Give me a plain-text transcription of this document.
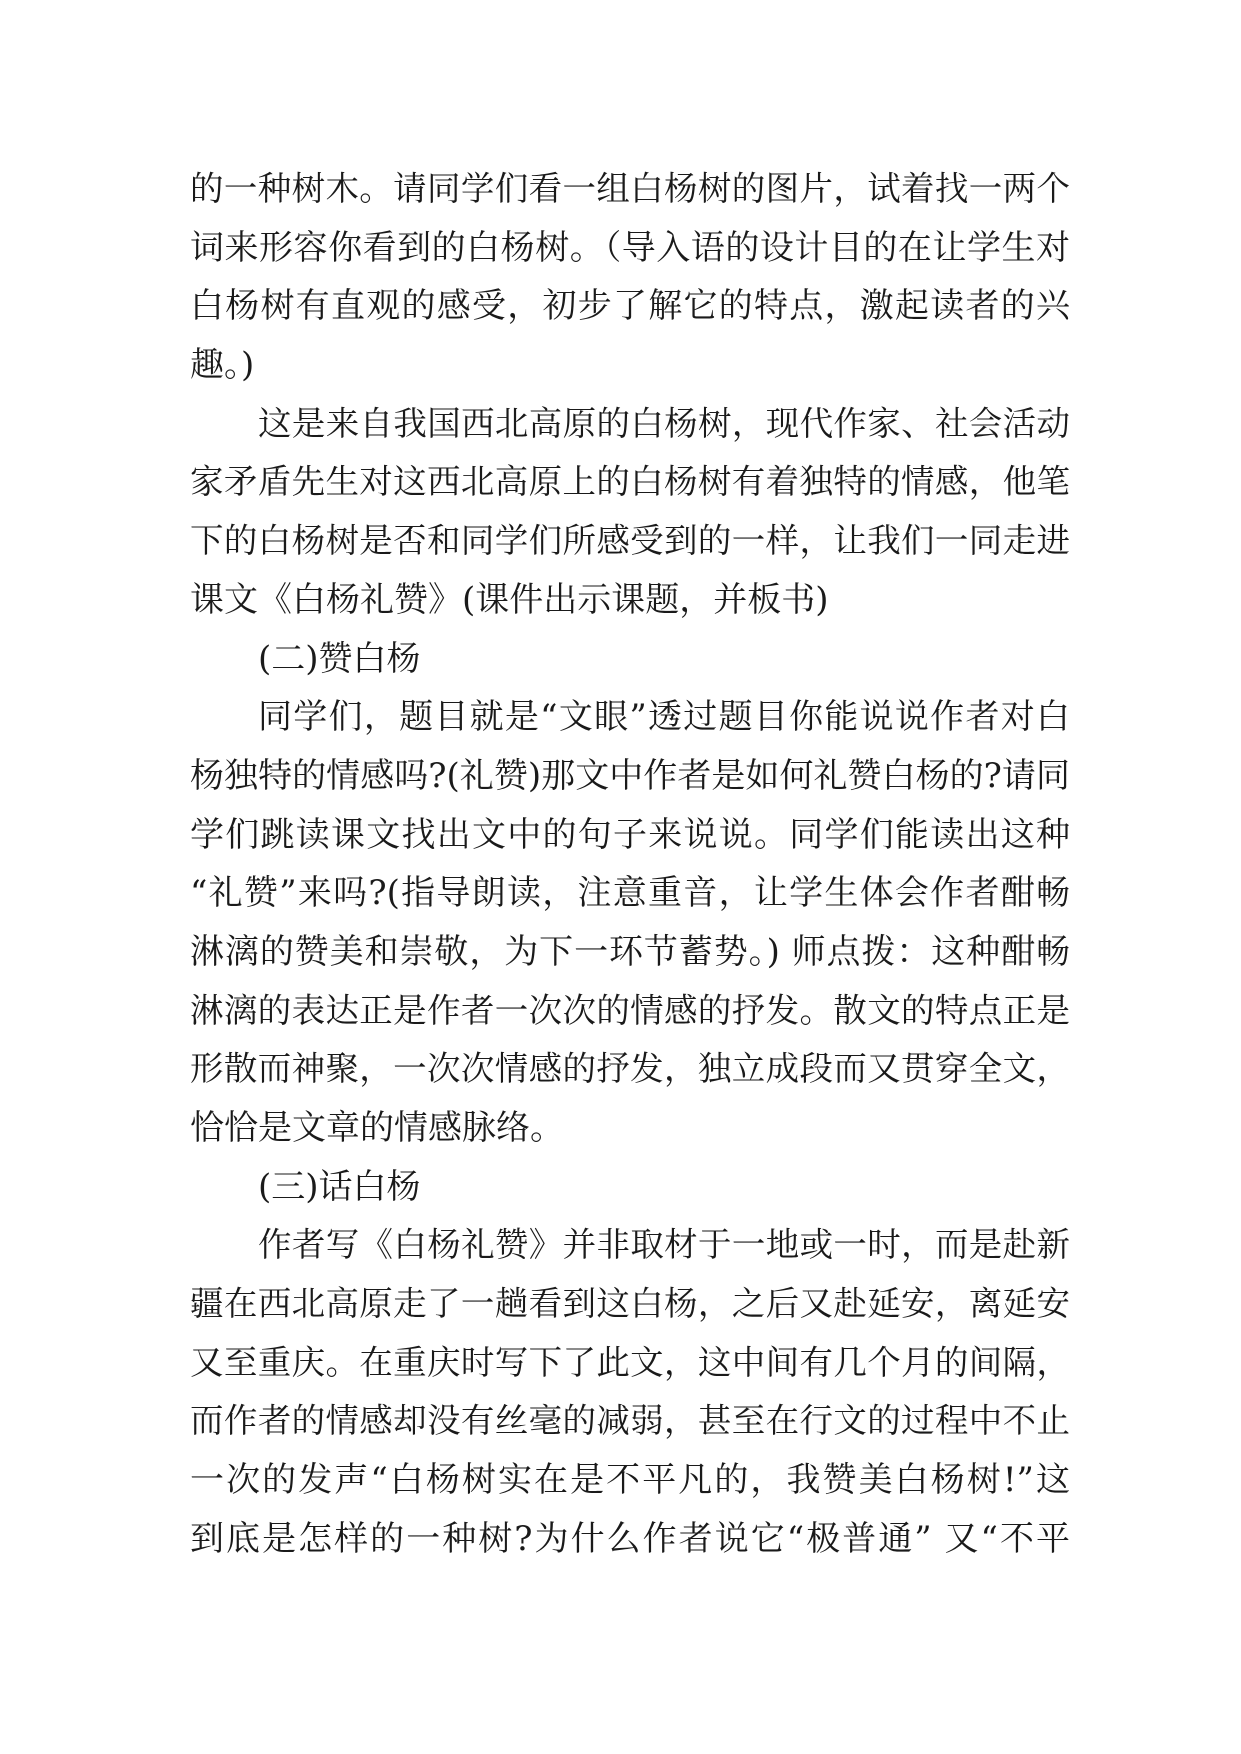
的一种树木。请同学们看一组白杨树的图片，试着找一两个
词来形容你看到的白杨树。（导入语的设计目的在让学生对
白杨树有直观的感受，初步了解它的特点，激起读者的兴
趣。)
这是来自我国西北高原的白杨树，现代作家、社会活动
家矛盾先生对这西北高原上的白杨树有着独特的情感，他笔
下的白杨树是否和同学们所感受到的一样，让我们一同走进
课文《白杨礼赞》(课件出示课题，并板书)
(二)赞白杨
同学们，题目就是“文眼”透过题目你能说说作者对白
杨独特的情感吗?(礼赞)那文中作者是如何礼赞白杨的?请同
学们跳读课文找出文中的句子来说说。同学们能读出这种
“礼赞”来吗?(指导朗读，注意重音，让学生体会作者酣畅
淋漓的赞美和崇敬，为下一环节蓄势。) 师点拨：这种酣畅
淋漓的表达正是作者一次次的情感的抒发。散文的特点正是
形散而神聚，一次次情感的抒发，独立成段而又贯穿全文，
恰恰是文章的情感脉络。
(三)话白杨
作者写《白杨礼赞》并非取材于一地或一时，而是赴新
疆在西北高原走了一趟看到这白杨，之后又赴延安，离延安
又至重庆。在重庆时写下了此文，这中间有几个月的间隔，
而作者的情感却没有丝毫的减弱，甚至在行文的过程中不止
一次的发声“白杨树实在是不平凡的，我赞美白杨树!”这
到底是怎样的一种树?为什么作者说它“极普通” 又“不平
